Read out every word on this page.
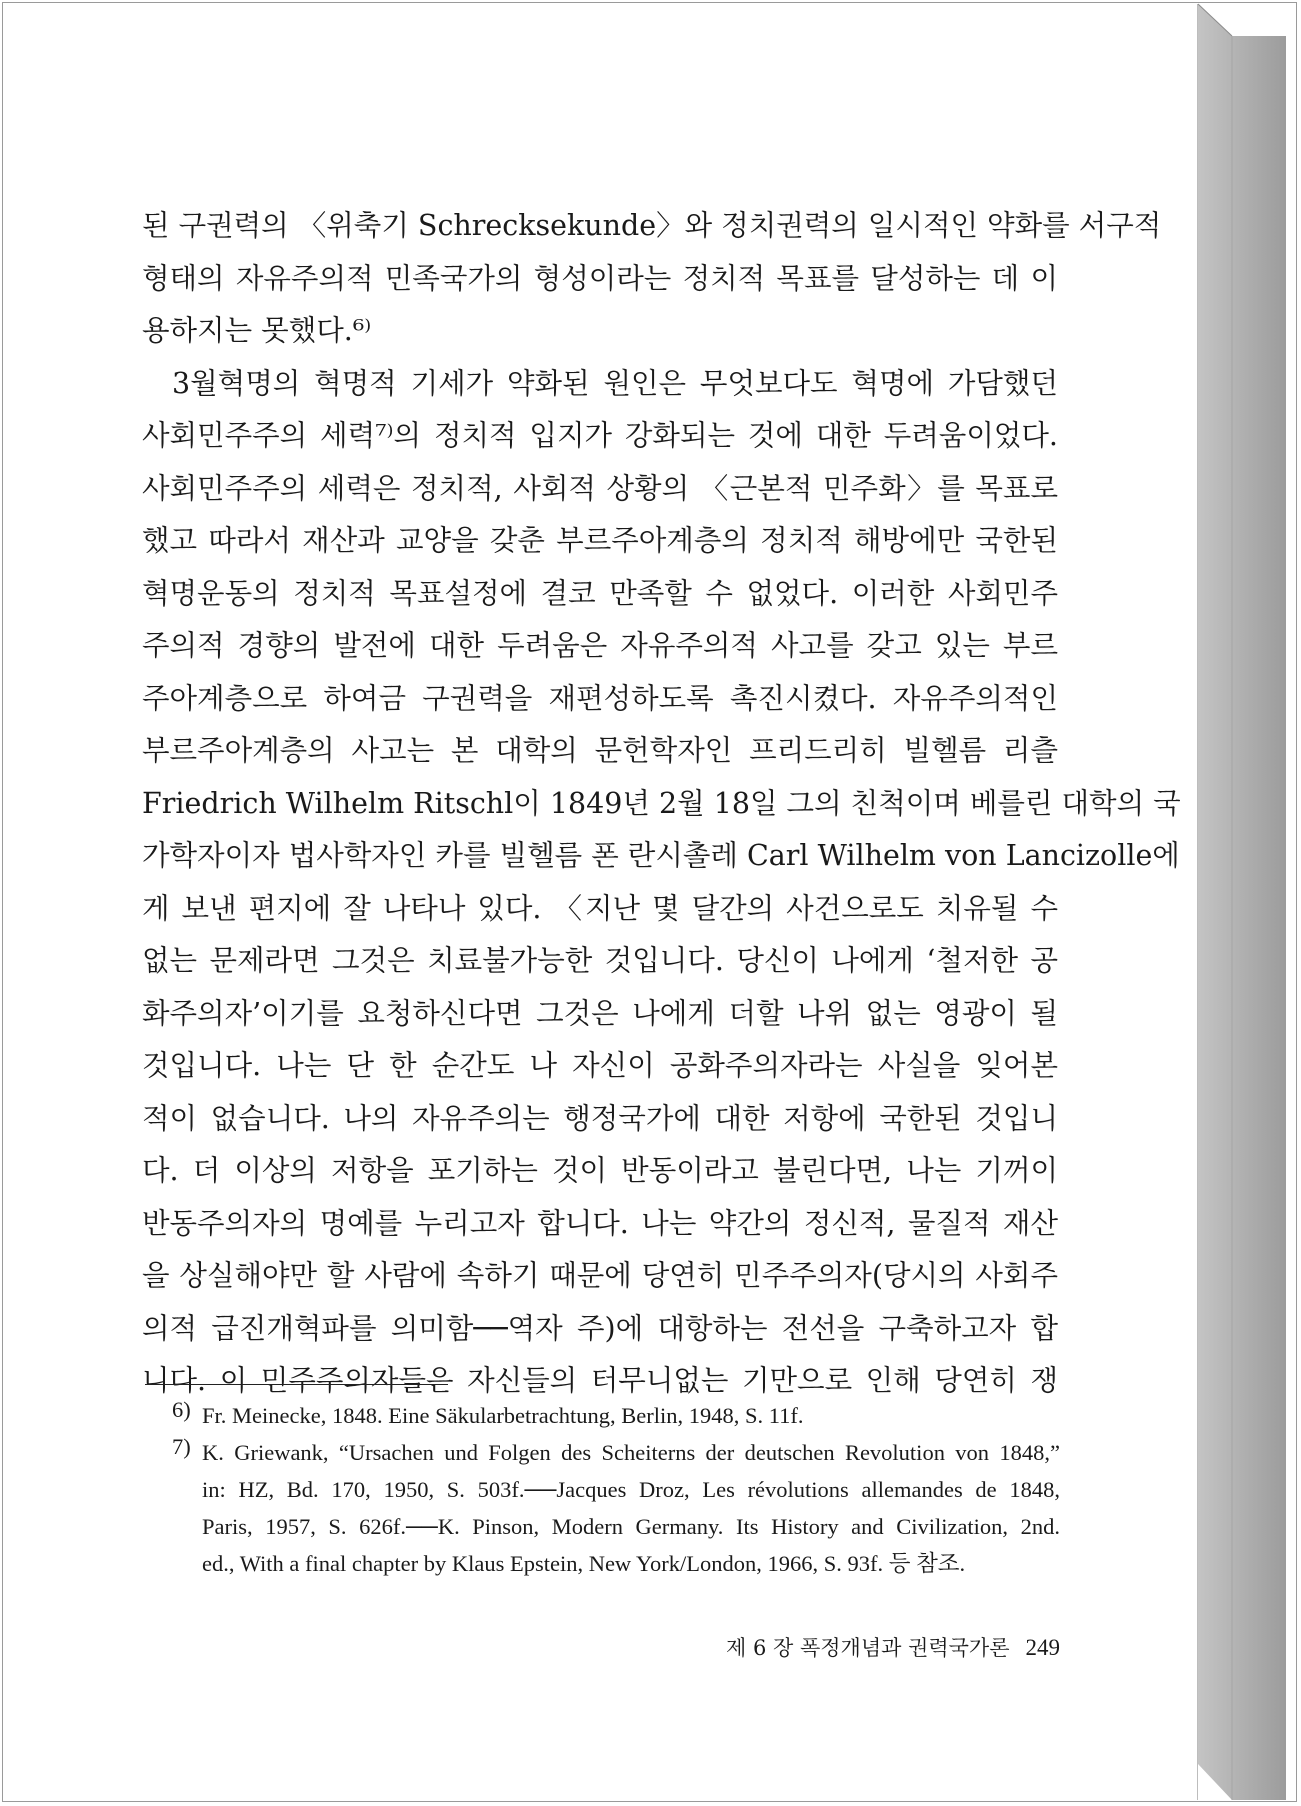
된 구권력의 〈위축기 Schrecksekunde〉와 정치권력의 일시적인 약화를 서구적
형태의 자유주의적 민족국가의 형성이라는 정치적 목표를 달성하는 데 이
용하지는 못했다.⁶⁾
3월혁명의 혁명적 기세가 약화된 원인은 무엇보다도 혁명에 가담했던
사회민주주의 세력⁷⁾의 정치적 입지가 강화되는 것에 대한 두려움이었다.
사회민주주의 세력은 정치적, 사회적 상황의 〈근본적 민주화〉를 목표로
했고 따라서 재산과 교양을 갖춘 부르주아계층의 정치적 해방에만 국한된
혁명운동의 정치적 목표설정에 결코 만족할 수 없었다. 이러한 사회민주
주의적 경향의 발전에 대한 두려움은 자유주의적 사고를 갖고 있는 부르
주아계층으로 하여금 구권력을 재편성하도록 촉진시켰다. 자유주의적인
부르주아계층의 사고는 본 대학의 문헌학자인 프리드리히 빌헬름 리츨
Friedrich Wilhelm Ritschl이 1849년 2월 18일 그의 친척이며 베를린 대학의 국
가학자이자 법사학자인 카를 빌헬름 폰 란시촐레 Carl Wilhelm von Lancizolle에
게 보낸 편지에 잘 나타나 있다. 〈지난 몇 달간의 사건으로도 치유될 수
없는 문제라면 그것은 치료불가능한 것입니다. 당신이 나에게 ‘철저한 공
화주의자’이기를 요청하신다면 그것은 나에게 더할 나위 없는 영광이 될
것입니다. 나는 단 한 순간도 나 자신이 공화주의자라는 사실을 잊어본
적이 없습니다. 나의 자유주의는 행정국가에 대한 저항에 국한된 것입니
다. 더 이상의 저항을 포기하는 것이 반동이라고 불린다면, 나는 기꺼이
반동주의자의 명예를 누리고자 합니다. 나는 약간의 정신적, 물질적 재산
을 상실해야만 할 사람에 속하기 때문에 당연히 민주주의자(당시의 사회주
의적 급진개혁파를 의미함──역자 주)에 대항하는 전선을 구축하고자 합
니다. 이 민주주의자들은 자신들의 터무니없는 기만으로 인해 당연히 쟁
6) Fr. Meinecke, 1848. Eine Säkularbetrachtung, Berlin, 1948, S. 11f.
7) K. Griewank, “Ursachen und Folgen des Scheiterns der deutschen Revolution von 1848,”
in: HZ, Bd. 170, 1950, S. 503f.──Jacques Droz, Les révolutions allemandes de 1848,
Paris, 1957, S. 626f.──K. Pinson, Modern Germany. Its History and Civilization, 2nd.
ed., With a final chapter by Klaus Epstein, New York/London, 1966, S. 93f. 등 참조.
제 6 장 폭정개념과 권력국가론 249
